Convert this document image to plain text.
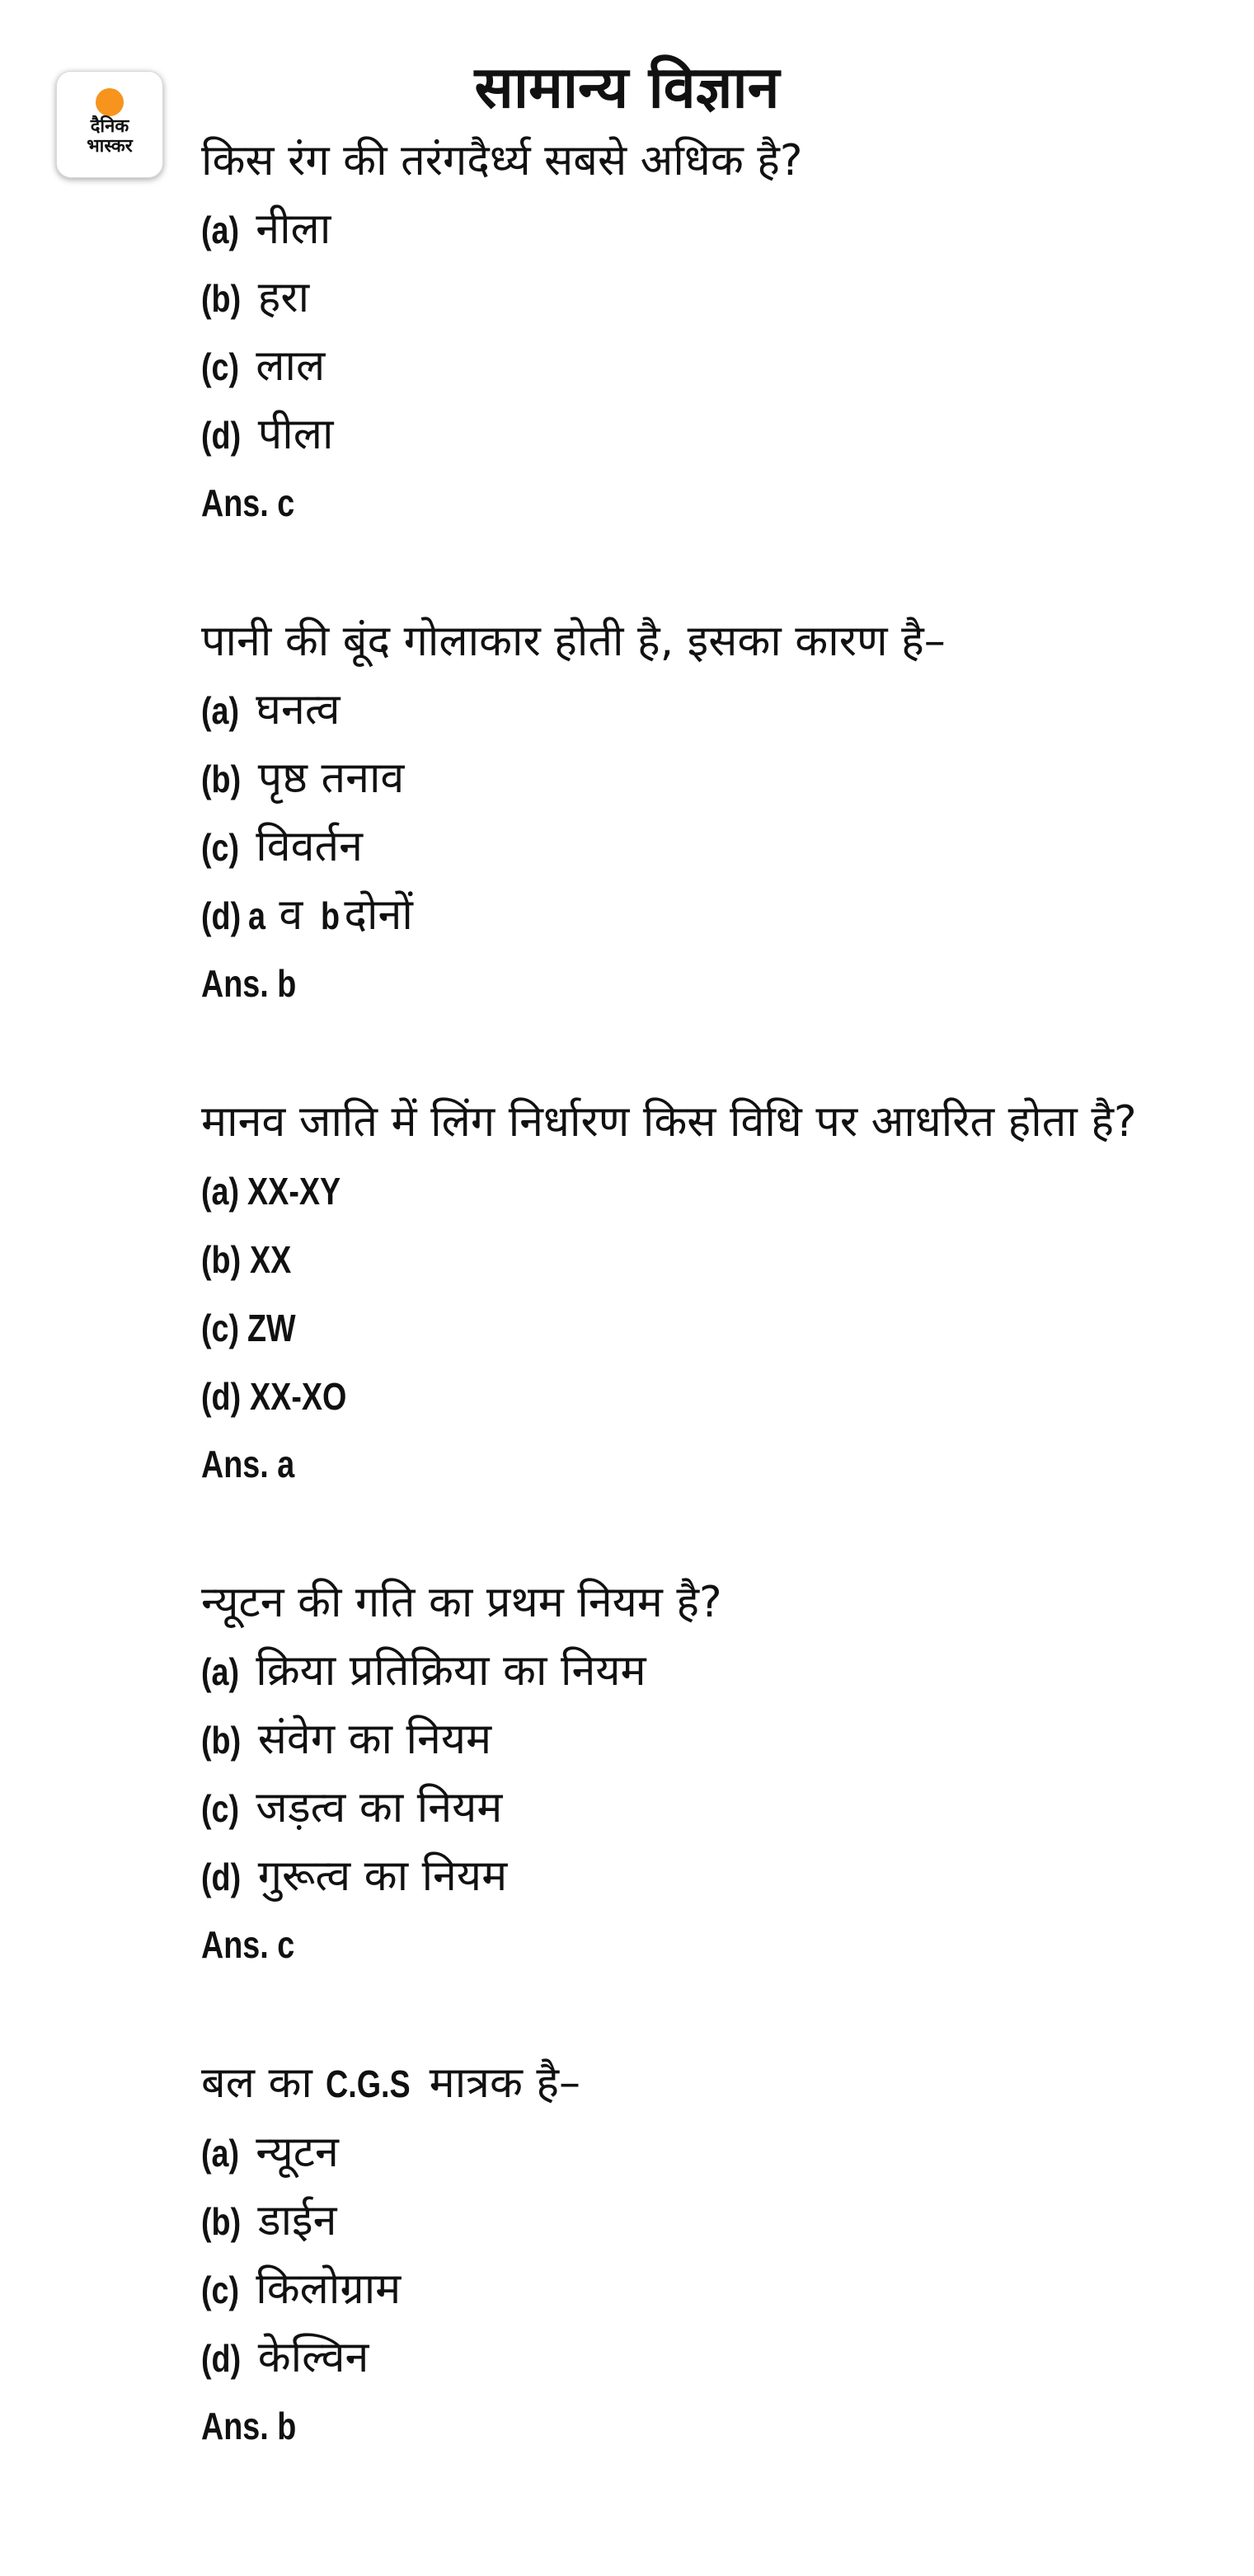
दैनिक
भास्कर
सामान्य विज्ञान

किस रंग की तरंगदैर्ध्य सबसे अधिक है?

(a) नीला
(b) हरा
(c) लाल
(d) पीला
Ans. c

पानी की बूंद गोलाकार होती है, इसका कारण है–

(a) घनत्व
(b) पृष्ठ तनाव
(c) विवर्तन
(d) a व bदोनों
Ans. b

मानव जाति में लिंग निर्धारण किस विधि पर आधरित होता है?

(a) XX-XY
(b) XX
(c) ZW
(d) XX-XO
Ans. a

न्यूटन की गति का प्रथम नियम है?

(a) क्रिया प्रतिक्रिया का नियम
(b) संवेग का नियम
(c) जड़त्व का नियम
(d) गुरूत्व का नियम
Ans. c

बल का C.G.S मात्रक है–

(a) न्यूटन
(b) डाईन
(c) किलोग्राम
(d) केल्विन
Ans. b
